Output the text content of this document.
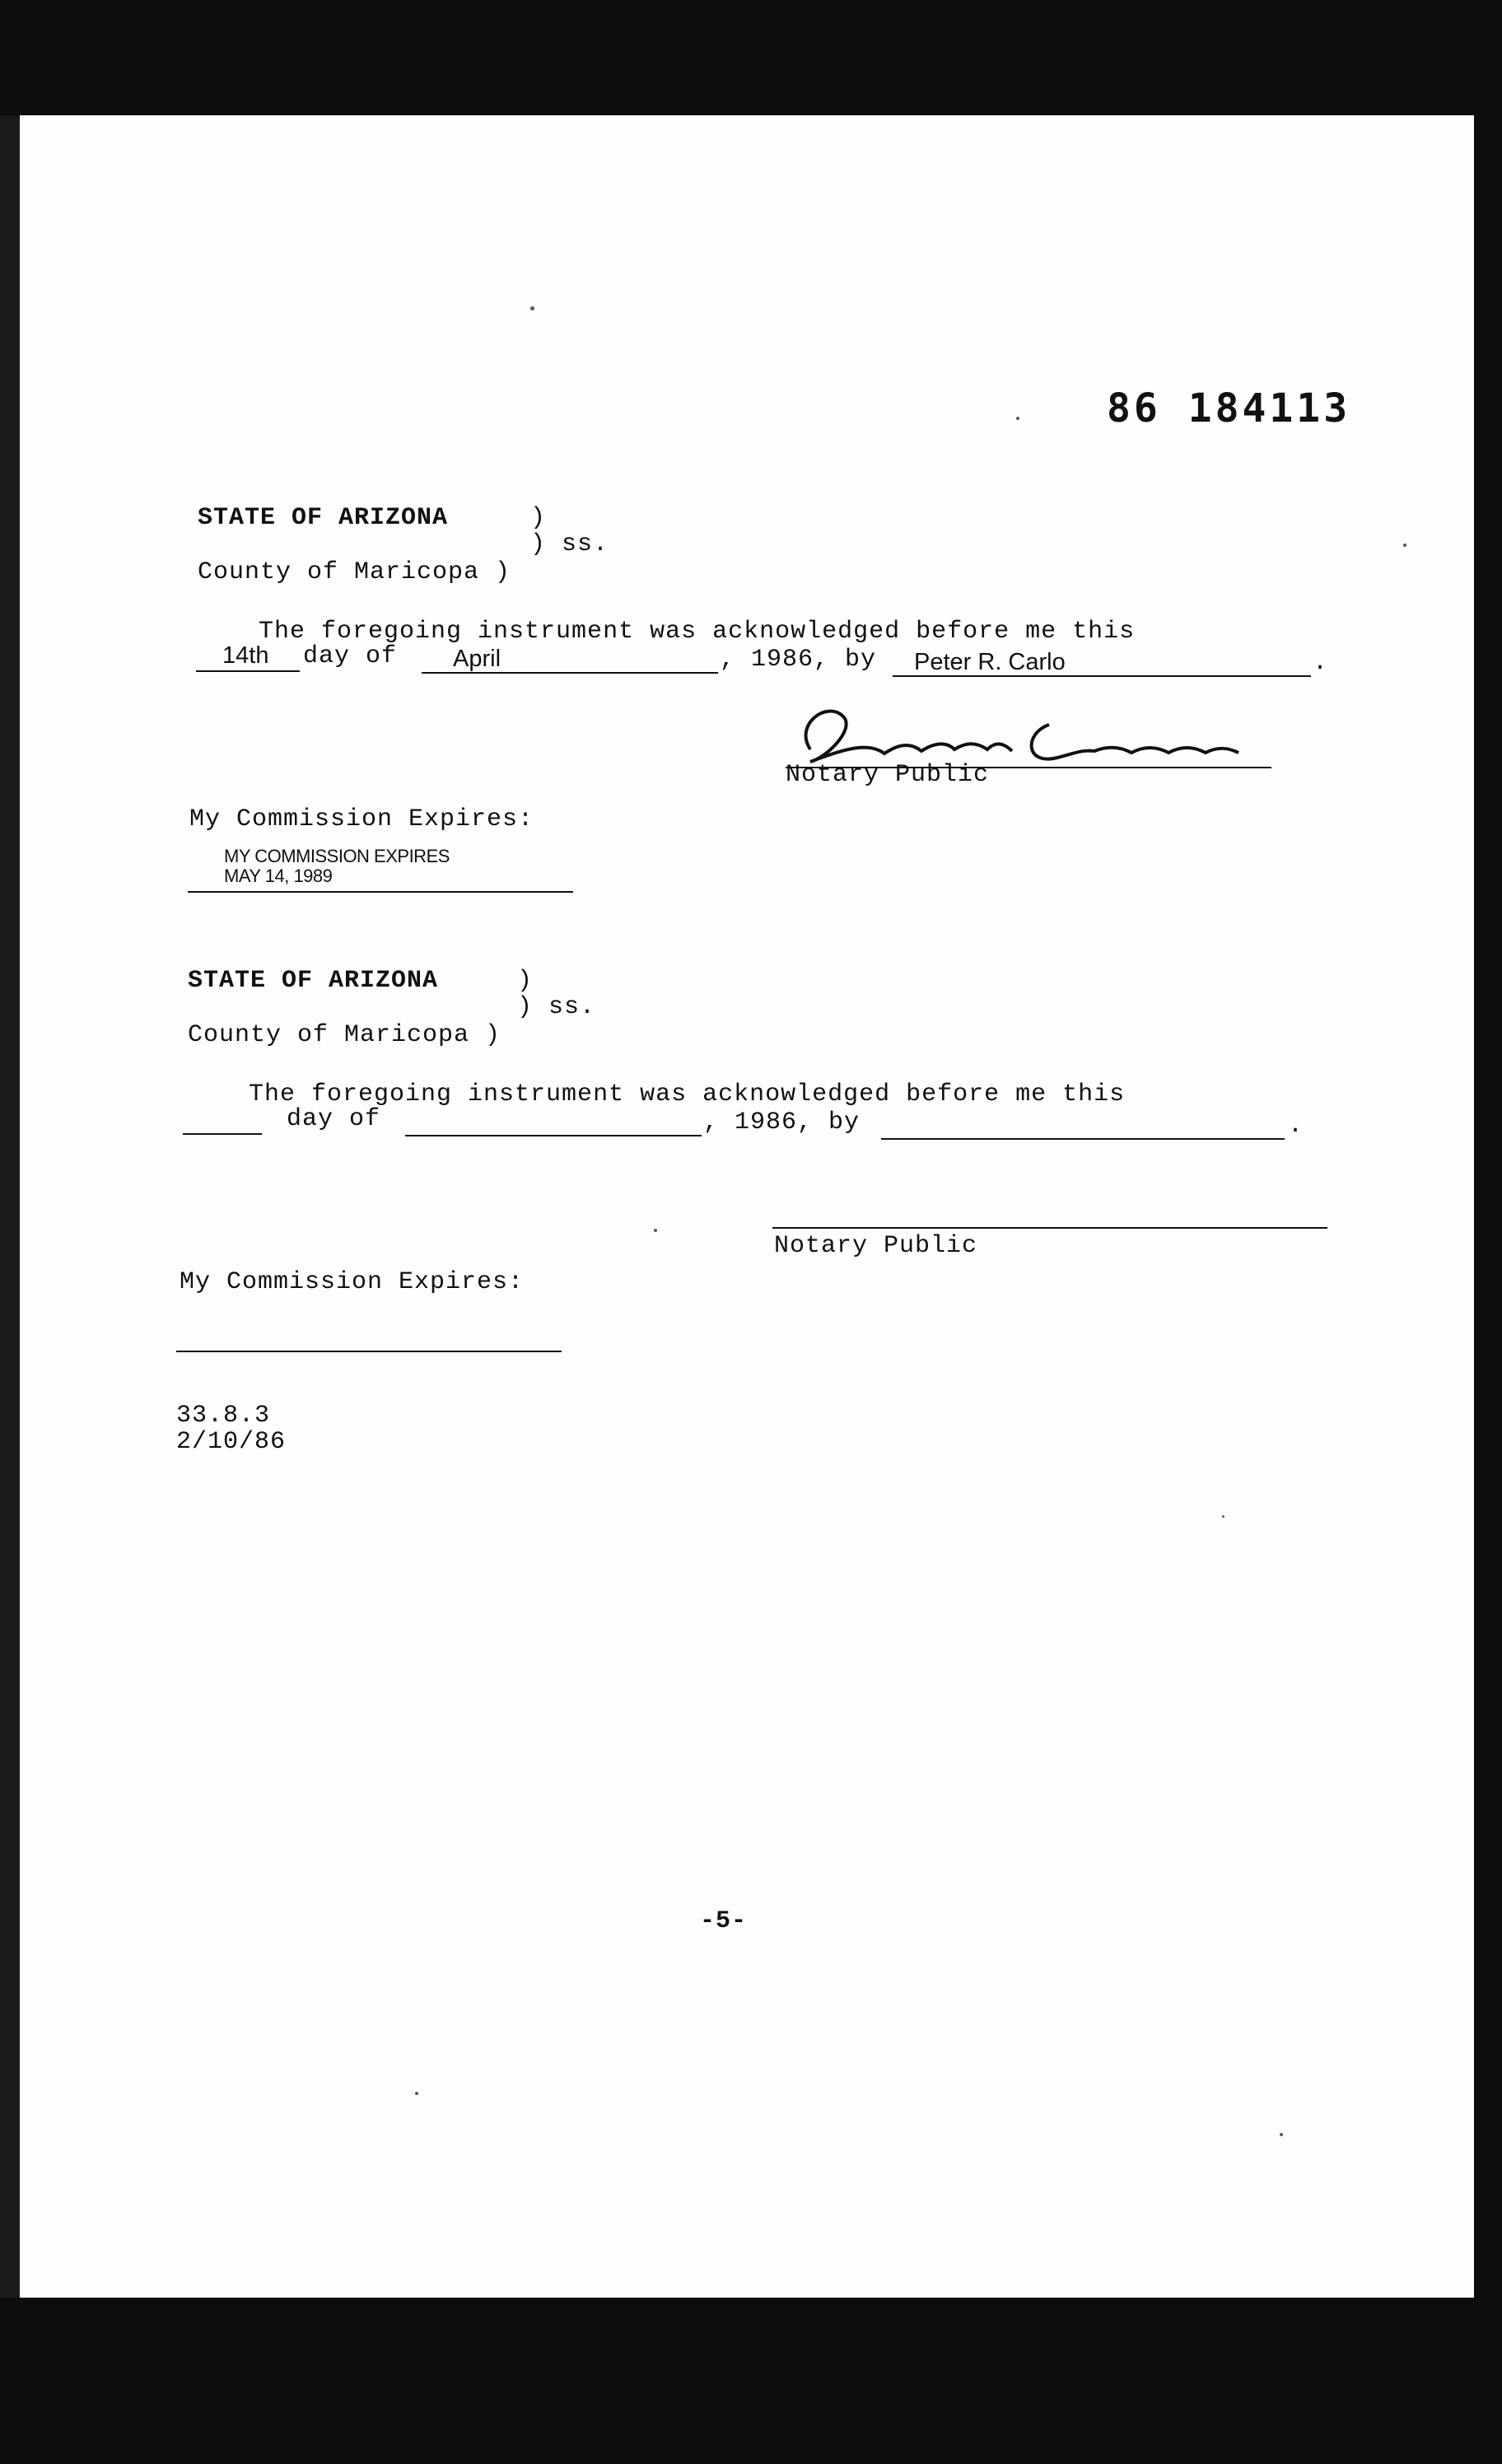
86 184113
STATE OF ARIZONA	)
) ss.
County of Maricopa )
The foregoing instrument was acknowledged before me this
14th day of April	, 1986, by Peter R. Carlo	.
Notary Public
My Commission Expires:
MY COMMISSION EXPIRES
MAY 14, 1989
STATE OF ARIZONA	)
) ss.
County of Maricopa )
The foregoing instrument was acknowledged before me this
day of	, 1986, by	.
Notary Public
My Commission Expires:
33.8.3
2/10/86
-5-
